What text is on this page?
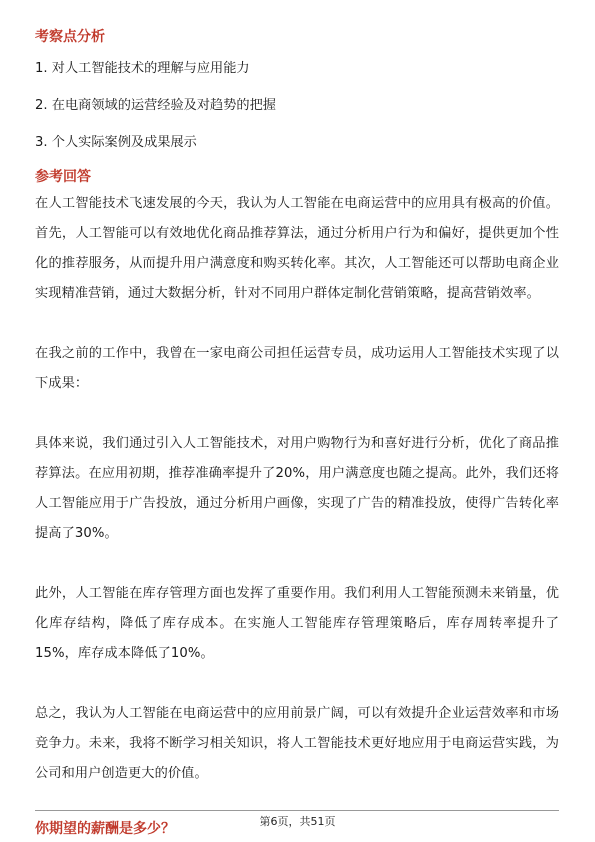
考察点分析

1. 对人工智能技术的理解与应用能力

2. 在电商领域的运营经验及对趋势的把握

3. 个人实际案例及成果展示

参考回答

在人工智能技术飞速发展的今天，我认为人工智能在电商运营中的应用具有极高的价值。首先，人工智能可以有效地优化商品推荐算法，通过分析用户行为和偏好，提供更加个性化的推荐服务，从而提升用户满意度和购买转化率。其次，人工智能还可以帮助电商企业实现精准营销，通过大数据分析，针对不同用户群体定制化营销策略，提高营销效率。

在我之前的工作中，我曾在一家电商公司担任运营专员，成功运用人工智能技术实现了以下成果：

具体来说，我们通过引入人工智能技术，对用户购物行为和喜好进行分析，优化了商品推荐算法。在应用初期，推荐准确率提升了20%，用户满意度也随之提高。此外，我们还将人工智能应用于广告投放，通过分析用户画像，实现了广告的精准投放，使得广告转化率提高了30%。

此外，人工智能在库存管理方面也发挥了重要作用。我们利用人工智能预测未来销量，优化库存结构，降低了库存成本。在实施人工智能库存管理策略后，库存周转率提升了15%，库存成本降低了10%。

总之，我认为人工智能在电商运营中的应用前景广阔，可以有效提升企业运营效率和市场竞争力。未来，我将不断学习相关知识，将人工智能技术更好地应用于电商运营实践，为公司和用户创造更大的价值。

你期望的薪酬是多少？	第6页，共51页
